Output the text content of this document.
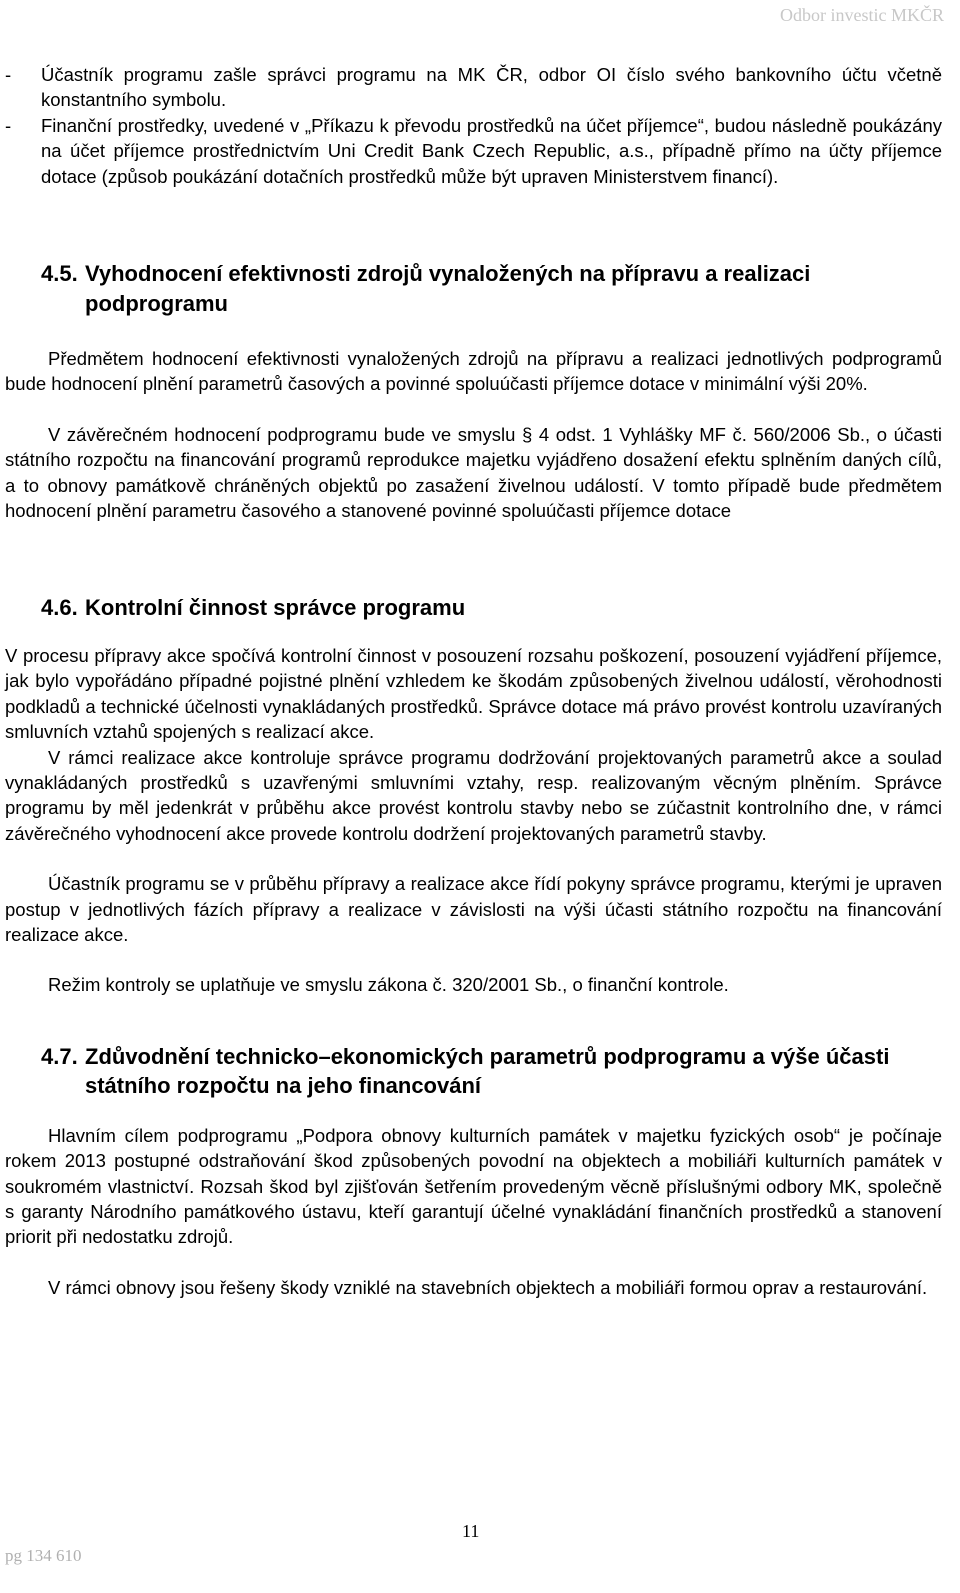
Odbor investic MKČR
- Účastník programu zašle správci programu na MK ČR, odbor OI číslo svého bankovního účtu včetně konstantního symbolu.

- Finanční prostředky, uvedené v „Příkazu k převodu prostředků na účet příjemce“, budou následně poukázány na účet příjemce prostřednictvím Uni Credit Bank Czech Republic, a.s., případně přímo na účty příjemce dotace (způsob poukázání dotačních prostředků může být upraven Ministerstvem financí).

4.5. Vyhodnocení efektivnosti zdrojů vynaložených na přípravu a realizaci podprogramu

Předmětem hodnocení efektivnosti vynaložených zdrojů na přípravu a realizaci jednotlivých podprogramů bude hodnocení plnění parametrů časových a povinné spoluúčasti příjemce dotace v minimální výši 20%.

V závěrečném hodnocení podprogramu bude ve smyslu § 4 odst. 1 Vyhlášky MF č. 560/2006 Sb., o účasti státního rozpočtu na financování programů reprodukce majetku vyjádřeno dosažení efektu splněním daných cílů, a to obnovy památkově chráněných objektů po zasažení živelnou událostí. V tomto případě bude předmětem hodnocení plnění parametru časového a stanovené povinné spoluúčasti příjemce dotace

4.6. Kontrolní činnost správce programu

V procesu přípravy akce spočívá kontrolní činnost v posouzení rozsahu poškození, posouzení vyjádření příjemce, jak bylo vypořádáno případné pojistné plnění vzhledem ke škodám způsobených živelnou událostí, věrohodnosti podkladů a technické účelnosti vynakládaných prostředků. Správce dotace má právo provést kontrolu uzavíraných smluvních vztahů spojených s realizací akce.

V rámci realizace akce kontroluje správce programu dodržování projektovaných parametrů akce a soulad vynakládaných prostředků s uzavřenými smluvními vztahy, resp. realizovaným věcným plněním. Správce programu by měl jedenkrát v průběhu akce provést kontrolu stavby nebo se zúčastnit kontrolního dne, v rámci závěrečného vyhodnocení akce provede kontrolu dodržení projektovaných parametrů stavby.

Účastník programu se v průběhu přípravy a realizace akce řídí pokyny správce programu, kterými je upraven postup v jednotlivých fázích přípravy a realizace v závislosti na výši účasti státního rozpočtu na financování realizace akce.

Režim kontroly se uplatňuje ve smyslu zákona č. 320/2001 Sb., o finanční kontrole.

4.7. Zdůvodnění technicko–ekonomických parametrů podprogramu a výše účasti státního rozpočtu na jeho financování

Hlavním cílem podprogramu „Podpora obnovy kulturních památek v majetku fyzických osob“ je počínaje rokem 2013 postupné odstraňování škod způsobených povodní na objektech a mobiliáři kulturních památek v soukromém vlastnictví. Rozsah škod byl zjišťován šetřením provedeným věcně příslušnými odbory MK, společně s garanty Národního památkového ústavu, kteří garantují účelné vynakládání finančních prostředků a stanovení priorit při nedostatku zdrojů.

V rámci obnovy jsou řešeny škody vzniklé na stavebních objektech a mobiliáři formou oprav a restaurování.

11
pg 134 610
